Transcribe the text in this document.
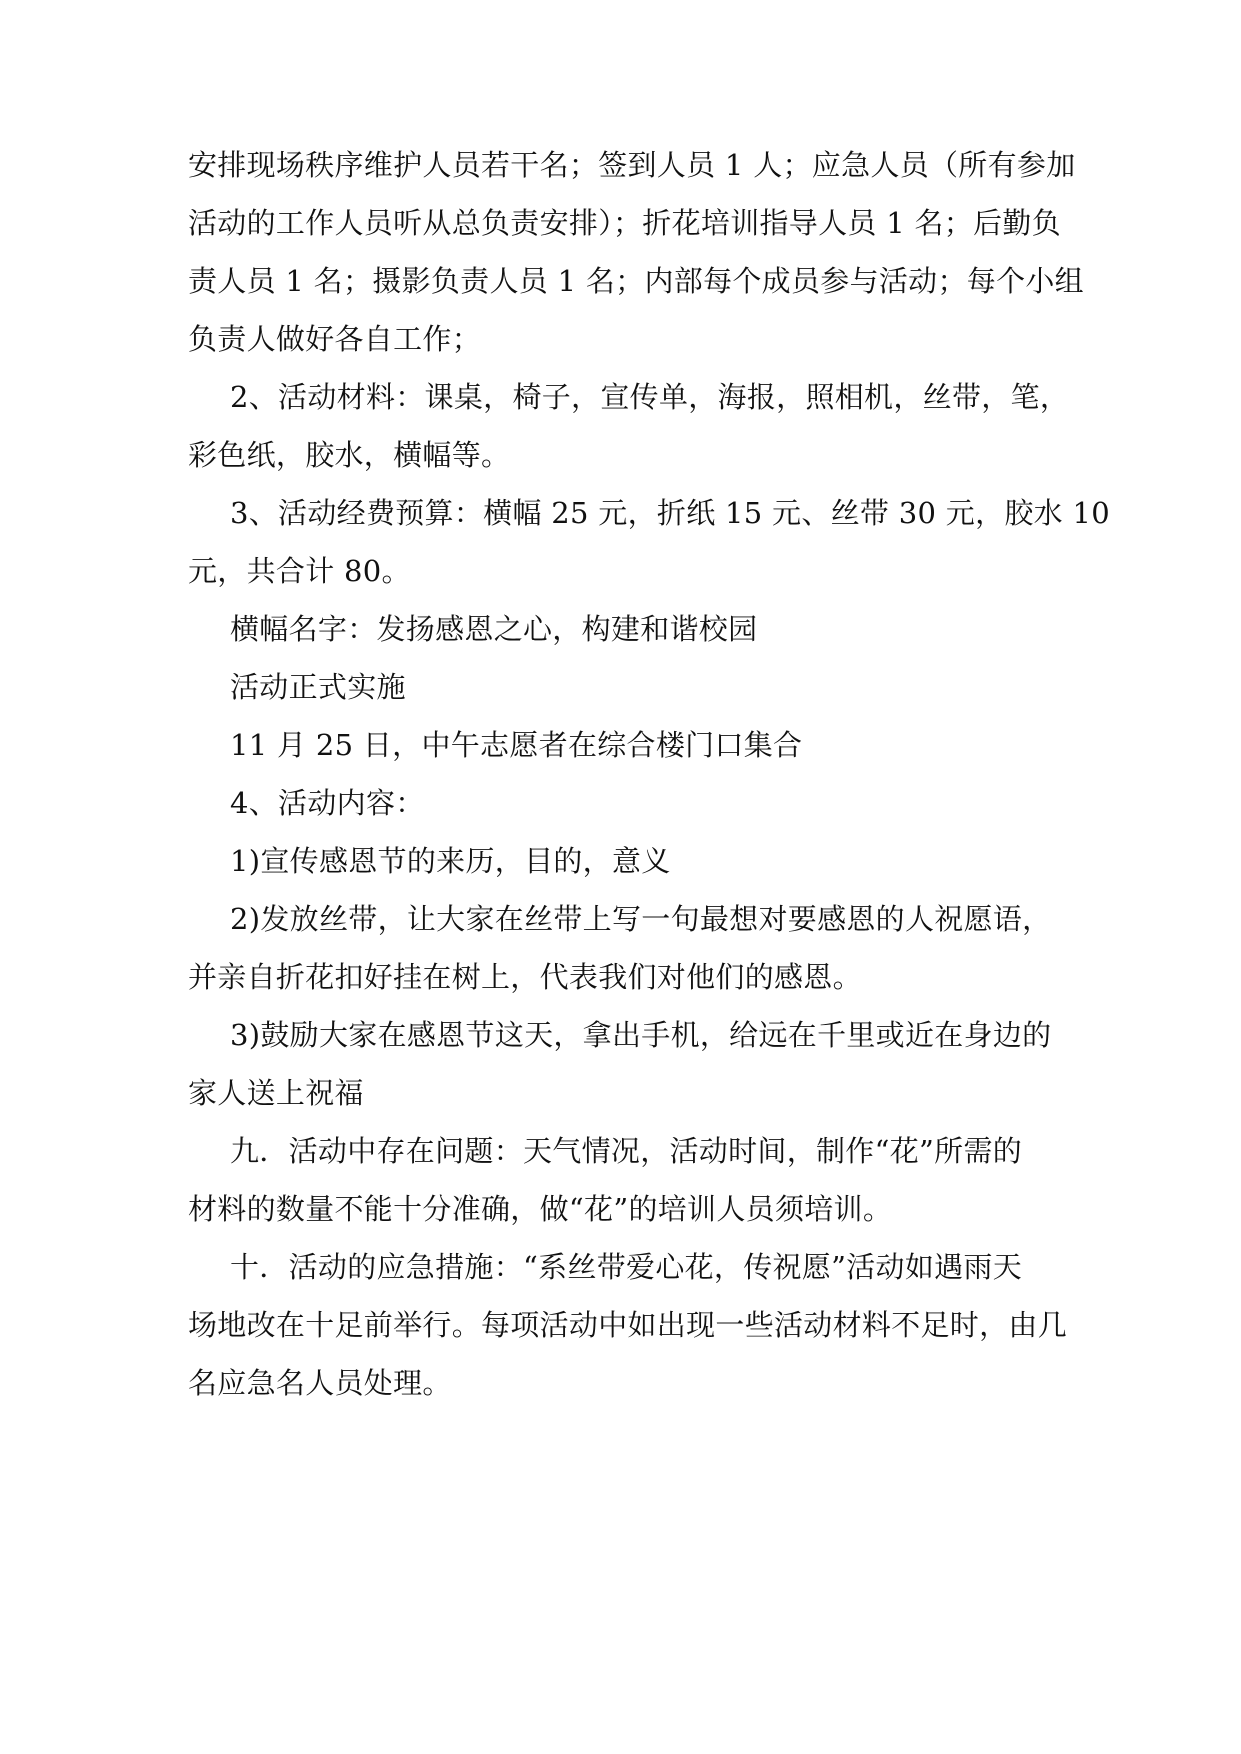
安排现场秩序维护人员若干名；签到人员 1 人；应急人员（所有参加
活动的工作人员听从总负责安排）；折花培训指导人员 1 名；后勤负
责人员 1 名；摄影负责人员 1 名；内部每个成员参与活动；每个小组
负责人做好各自工作；
2、活动材料：课桌，椅子，宣传单，海报，照相机，丝带，笔，
彩色纸，胶水，横幅等。
3、活动经费预算：横幅 25 元，折纸 15 元、丝带 30 元，胶水 10
元，共合计 80。
横幅名字：发扬感恩之心，构建和谐校园
活动正式实施
11 月 25 日，中午志愿者在综合楼门口集合
4、活动内容：
1)宣传感恩节的来历，目的，意义
2)发放丝带，让大家在丝带上写一句最想对要感恩的人祝愿语，
并亲自折花扣好挂在树上，代表我们对他们的感恩。
3)鼓励大家在感恩节这天，拿出手机，给远在千里或近在身边的
家人送上祝福
九．活动中存在问题：天气情况，活动时间，制作“花”所需的
材料的数量不能十分准确，做“花”的培训人员须培训。
十．活动的应急措施：“系丝带爱心花，传祝愿”活动如遇雨天
场地改在十足前举行。每项活动中如出现一些活动材料不足时，由几
名应急名人员处理。
